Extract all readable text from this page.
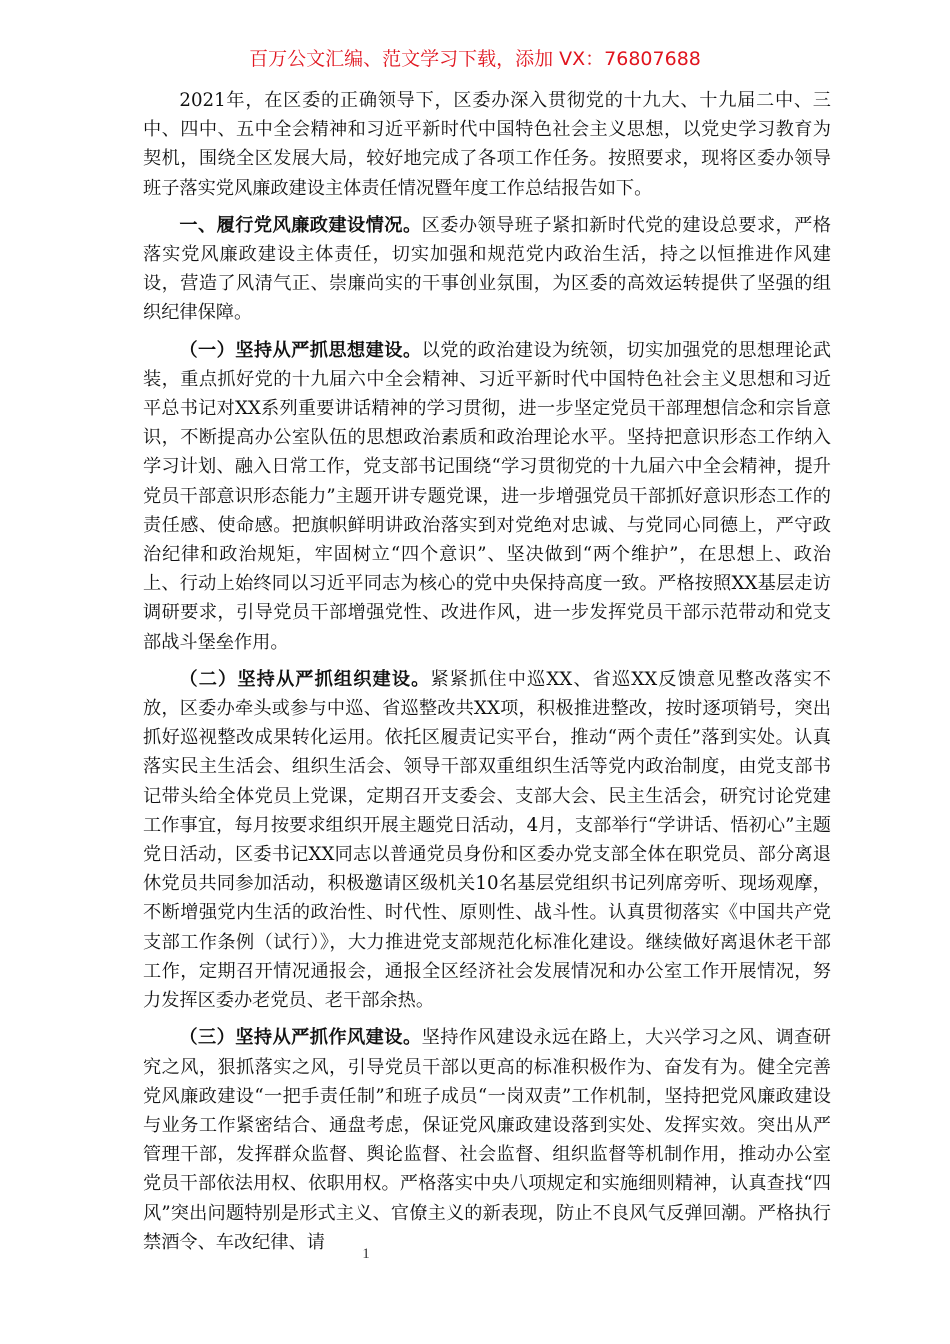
百万公文汇编、范文学习下载，添加 VX：76807688

2021年，在区委的正确领导下，区委办深入贯彻党的十九大、十九届二中、三中、四中、五中全会精神和习近平新时代中国特色社会主义思想，以党史学习教育为契机，围绕全区发展大局，较好地完成了各项工作任务。按照要求，现将区委办领导班子落实党风廉政建设主体责任情况暨年度工作总结报告如下。

一、履行党风廉政建设情况。区委办领导班子紧扣新时代党的建设总要求，严格落实党风廉政建设主体责任，切实加强和规范党内政治生活，持之以恒推进作风建设，营造了风清气正、崇廉尚实的干事创业氛围，为区委的高效运转提供了坚强的组织纪律保障。

（一）坚持从严抓思想建设。以党的政治建设为统领，切实加强党的思想理论武装，重点抓好党的十九届六中全会精神、习近平新时代中国特色社会主义思想和习近平总书记对XX系列重要讲话精神的学习贯彻，进一步坚定党员干部理想信念和宗旨意识，不断提高办公室队伍的思想政治素质和政治理论水平。坚持把意识形态工作纳入学习计划、融入日常工作，党支部书记围绕“学习贯彻党的十九届六中全会精神，提升党员干部意识形态能力”主题开讲专题党课，进一步增强党员干部抓好意识形态工作的责任感、使命感。把旗帜鲜明讲政治落实到对党绝对忠诚、与党同心同德上，严守政治纪律和政治规矩，牢固树立“四个意识”、坚决做到“两个维护”，在思想上、政治上、行动上始终同以习近平同志为核心的党中央保持高度一致。严格按照XX基层走访调研要求，引导党员干部增强党性、改进作风，进一步发挥党员干部示范带动和党支部战斗堡垒作用。

（二）坚持从严抓组织建设。紧紧抓住中巡XX、省巡XX反馈意见整改落实不放，区委办牵头或参与中巡、省巡整改共XX项，积极推进整改，按时逐项销号，突出抓好巡视整改成果转化运用。依托区履责记实平台，推动“两个责任”落到实处。认真落实民主生活会、组织生活会、领导干部双重组织生活等党内政治制度，由党支部书记带头给全体党员上党课，定期召开支委会、支部大会、民主生活会，研究讨论党建工作事宜，每月按要求组织开展主题党日活动，4月，支部举行“学讲话、悟初心”主题党日活动，区委书记XX同志以普通党员身份和区委办党支部全体在职党员、部分离退休党员共同参加活动，积极邀请区级机关10名基层党组织书记列席旁听、现场观摩，不断增强党内生活的政治性、时代性、原则性、战斗性。认真贯彻落实《中国共产党支部工作条例（试行）》，大力推进党支部规范化标准化建设。继续做好离退休老干部工作，定期召开情况通报会，通报全区经济社会发展情况和办公室工作开展情况，努力发挥区委办老党员、老干部余热。

（三）坚持从严抓作风建设。坚持作风建设永远在路上，大兴学习之风、调查研究之风，狠抓落实之风，引导党员干部以更高的标准积极作为、奋发有为。健全完善党风廉政建设“一把手责任制”和班子成员“一岗双责”工作机制，坚持把党风廉政建设与业务工作紧密结合、通盘考虑，保证党风廉政建设落到实处、发挥实效。突出从严管理干部，发挥群众监督、舆论监督、社会监督、组织监督等机制作用，推动办公室党员干部依法用权、依职用权。严格落实中央八项规定和实施细则精神，认真查找“四风”突出问题特别是形式主义、官僚主义的新表现，防止不良风气反弹回潮。严格执行禁酒令、车改纪律、请

1
